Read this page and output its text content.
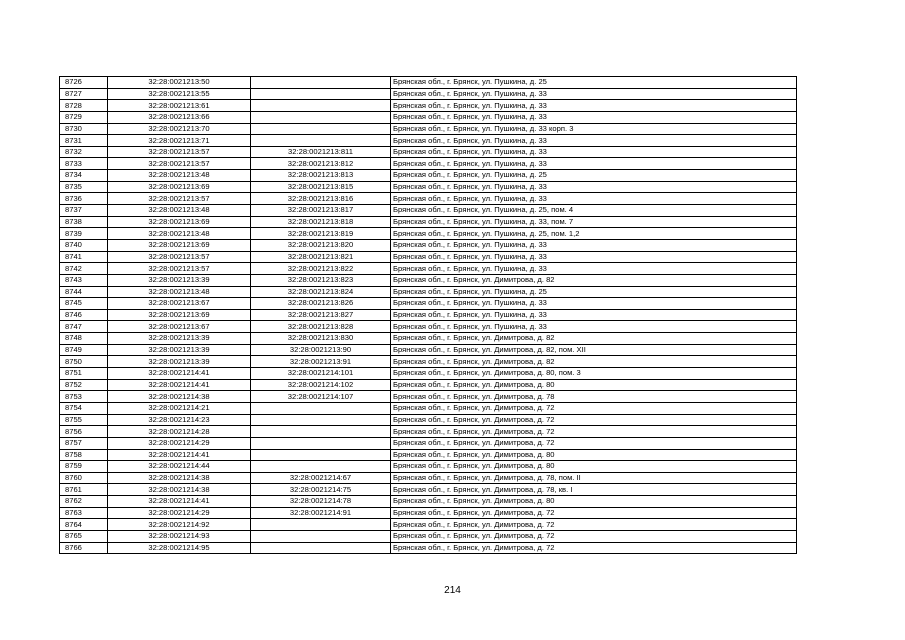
8726	32:28:0021213:50		Брянская обл., г. Брянск, ул. Пушкина, д. 25
8727	32:28:0021213:55		Брянская обл., г. Брянск, ул. Пушкина, д. 33
8728	32:28:0021213:61		Брянская обл., г. Брянск, ул. Пушкина, д. 33
8729	32:28:0021213:66		Брянская обл., г. Брянск, ул. Пушкина, д. 33
8730	32:28:0021213:70		Брянская обл., г. Брянск, ул. Пушкина, д. 33 корп. 3
8731	32:28:0021213:71		Брянская обл., г. Брянск, ул. Пушкина, д. 33
8732	32:28:0021213:57	32:28:0021213:811	Брянская обл., г. Брянск, ул. Пушкина, д. 33
8733	32:28:0021213:57	32:28:0021213:812	Брянская обл., г. Брянск, ул. Пушкина, д. 33
8734	32:28:0021213:48	32:28:0021213:813	Брянская обл., г. Брянск, ул. Пушкина, д. 25
8735	32:28:0021213:69	32:28:0021213:815	Брянская обл., г. Брянск, ул. Пушкина, д. 33
8736	32:28:0021213:57	32:28:0021213:816	Брянская обл., г. Брянск, ул. Пушкина, д. 33
8737	32:28:0021213:48	32:28:0021213:817	Брянская обл., г. Брянск, ул. Пушкина, д. 25, пом. 4
8738	32:28:0021213:69	32:28:0021213:818	Брянская обл., г. Брянск, ул. Пушкина, д. 33, пом. 7
8739	32:28:0021213:48	32:28:0021213:819	Брянская обл., г. Брянск, ул. Пушкина, д. 25, пом. 1,2
8740	32:28:0021213:69	32:28:0021213:820	Брянская обл., г. Брянск, ул. Пушкина, д. 33
8741	32:28:0021213:57	32:28:0021213:821	Брянская обл., г. Брянск, ул. Пушкина, д. 33
8742	32:28:0021213:57	32:28:0021213:822	Брянская обл., г. Брянск, ул. Пушкина, д. 33
8743	32:28:0021213:39	32:28:0021213:823	Брянская обл., г. Брянск, ул. Димитрова, д. 82
8744	32:28:0021213:48	32:28:0021213:824	Брянская обл., г. Брянск, ул. Пушкина, д. 25
8745	32:28:0021213:67	32:28:0021213:826	Брянская обл., г. Брянск, ул. Пушкина, д. 33
8746	32:28:0021213:69	32:28:0021213:827	Брянская обл., г. Брянск, ул. Пушкина, д. 33
8747	32:28:0021213:67	32:28:0021213:828	Брянская обл., г. Брянск, ул. Пушкина, д. 33
8748	32:28:0021213:39	32:28:0021213:830	Брянская обл., г. Брянск, ул. Димитрова, д. 82
8749	32:28:0021213:39	32:28:0021213:90	Брянская обл., г. Брянск, ул. Димитрова, д. 82, пом. XII
8750	32:28:0021213:39	32:28:0021213:91	Брянская обл., г. Брянск, ул. Димитрова, д. 82
8751	32:28:0021214:41	32:28:0021214:101	Брянская обл., г. Брянск, ул. Димитрова, д. 80, пом. 3
8752	32:28:0021214:41	32:28:0021214:102	Брянская обл., г. Брянск, ул. Димитрова, д. 80
8753	32:28:0021214:38	32:28:0021214:107	Брянская обл., г. Брянск, ул. Димитрова, д. 78
8754	32:28:0021214:21		Брянская обл., г. Брянск, ул. Димитрова, д. 72
8755	32:28:0021214:23		Брянская обл., г. Брянск, ул. Димитрова, д. 72
8756	32:28:0021214:28		Брянская обл., г. Брянск, ул. Димитрова, д. 72
8757	32:28:0021214:29		Брянская обл., г. Брянск, ул. Димитрова, д. 72
8758	32:28:0021214:41		Брянская обл., г. Брянск, ул. Димитрова, д. 80
8759	32:28:0021214:44		Брянская обл., г. Брянск, ул. Димитрова, д. 80
8760	32:28:0021214:38	32:28:0021214:67	Брянская обл., г. Брянск, ул. Димитрова, д. 78, пом. II
8761	32:28:0021214:38	32:28:0021214:75	Брянская обл., г. Брянск, ул. Димитрова, д. 78, кв. I
8762	32:28:0021214:41	32:28:0021214:78	Брянская обл., г. Брянск, ул. Димитрова, д. 80
8763	32:28:0021214:29	32:28:0021214:91	Брянская обл., г. Брянск, ул. Димитрова, д. 72
8764	32:28:0021214:92		Брянская обл., г. Брянск, ул. Димитрова, д. 72
8765	32:28:0021214:93		Брянская обл., г. Брянск, ул. Димитрова, д. 72
8766	32:28:0021214:95		Брянская обл., г. Брянск, ул. Димитрова, д. 72
214
